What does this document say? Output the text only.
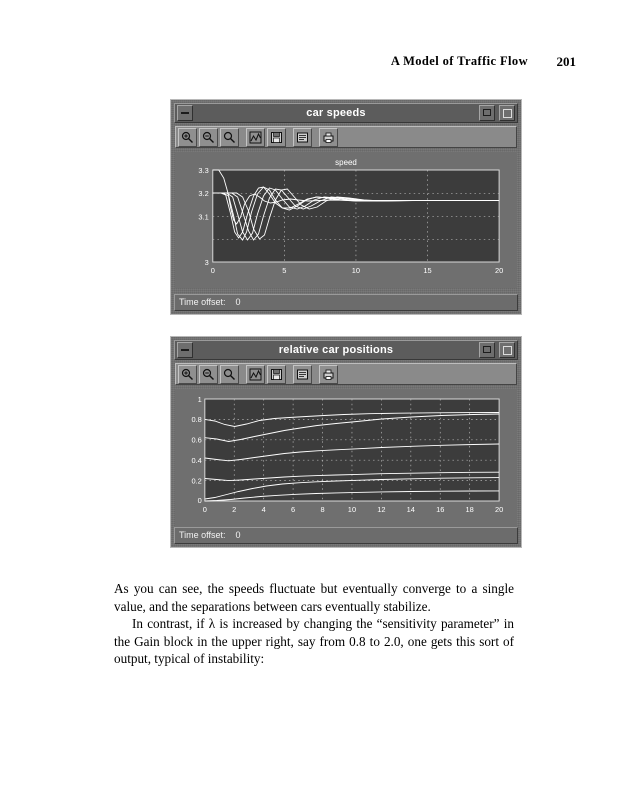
A Model of Traffic Flow 201
car speeds
speed
3.3
3.2
3.1
3
0	5	10	15	20
Time offset:	0
relative car positions
1
0.8
0.6
0.4
0.2
0
0	2	4	6	8	10	12	14	16	18	20
Time offset:	0

As you can see, the speeds fluctuate but eventually converge to a single value, and the separations between cars eventually stabilize.

In contrast, if λ is increased by changing the “sensitivity parameter” in the Gain block in the upper right, say from 0.8 to 2.0, one gets this sort of output, typical of instability:
